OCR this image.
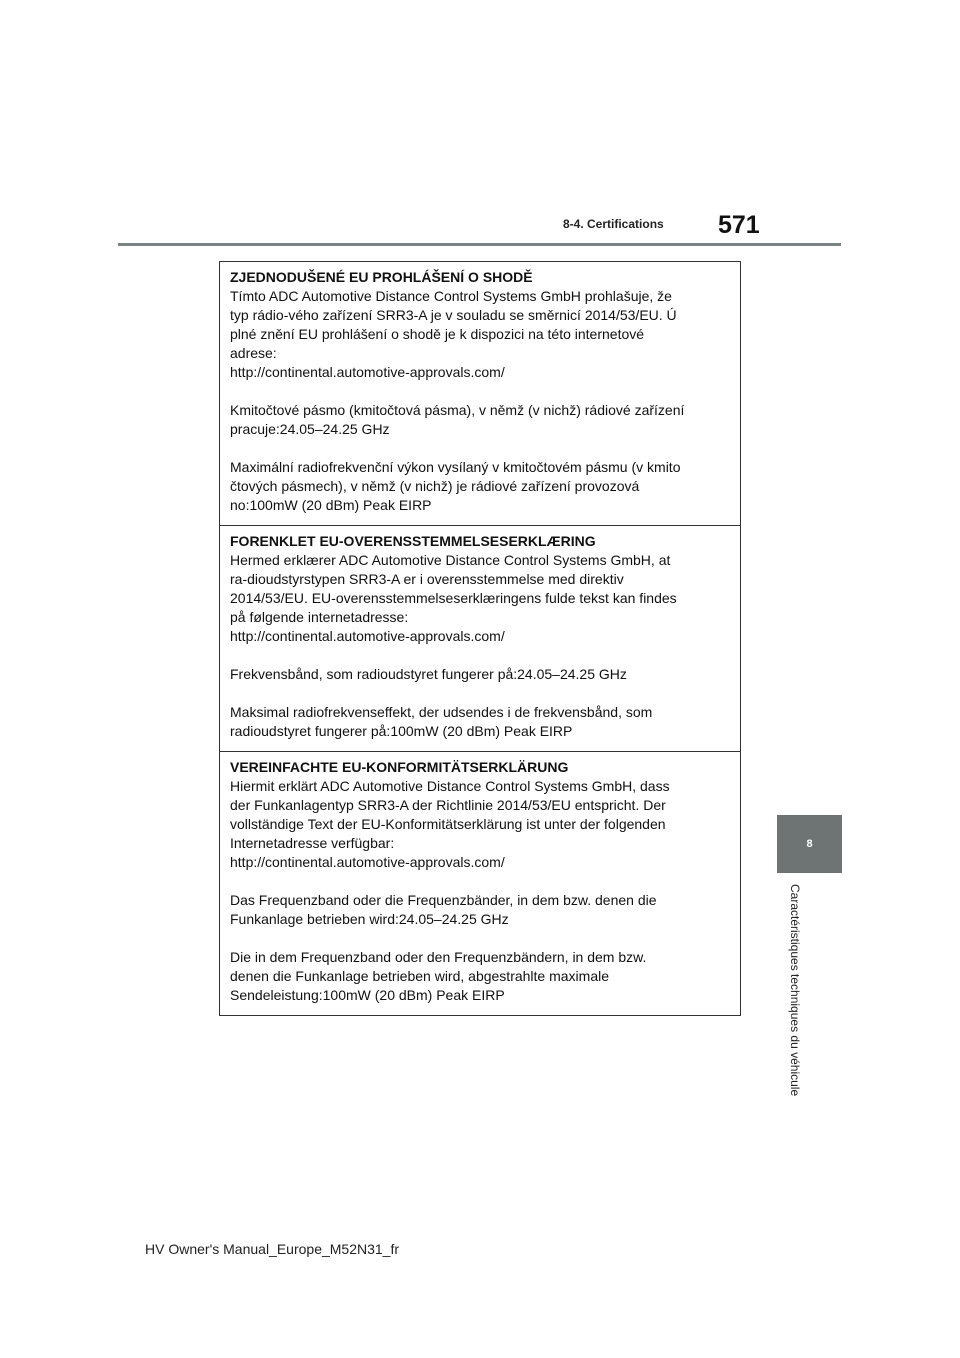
8-4. Certifications 571
ZJEDNODUŠENÉ EU PROHLÁŠENÍ O SHODĚ

Tímto ADC Automotive Distance Control Systems GmbH prohlašuje, že
typ rádio-vého zařízení SRR3-A je v souladu se směrnicí 2014/53/EU. Ú
plné znění EU prohlášení o shodě je k dispozici na této internetové
adrese:
http://continental.automotive-approvals.com/

Kmitočtové pásmo (kmitočtová pásma), v němž (v nichž) rádiové zařízení
pracuje:24.05–24.25 GHz

Maximální radiofrekvenční výkon vysílaný v kmitočtovém pásmu (v kmito
čtových pásmech), v němž (v nichž) je rádiové zařízení provozová
no:100mW (20 dBm) Peak EIRP

FORENKLET EU-OVERENSSTEMMELSESERKLÆRING

Hermed erklærer ADC Automotive Distance Control Systems GmbH, at
ra-dioudstyrstypen SRR3-A er i overensstemmelse med direktiv
2014/53/EU. EU-overensstemmelseserklæringens fulde tekst kan findes
på følgende internetadresse:
http://continental.automotive-approvals.com/

Frekvensbånd, som radioudstyret fungerer på:24.05–24.25 GHz

Maksimal radiofrekvenseffekt, der udsendes i de frekvensbånd, som
radioudstyret fungerer på:100mW (20 dBm) Peak EIRP

VEREINFACHTE EU-KONFORMITÄTSERKLÄRUNG

Hiermit erklärt ADC Automotive Distance Control Systems GmbH, dass
der Funkanlagentyp SRR3-A der Richtlinie 2014/53/EU entspricht. Der
vollständige Text der EU-Konformitätserklärung ist unter der folgenden
Internetadresse verfügbar:
http://continental.automotive-approvals.com/

Das Frequenzband oder die Frequenzbänder, in dem bzw. denen die
Funkanlage betrieben wird:24.05–24.25 GHz

Die in dem Frequenzband oder den Frequenzbändern, in dem bzw.
denen die Funkanlage betrieben wird, abgestrahlte maximale
Sendeleistung:100mW (20 dBm) Peak EIRP

8
Caractéristiques techniques du véhicule
HV Owner's Manual_Europe_M52N31_fr
